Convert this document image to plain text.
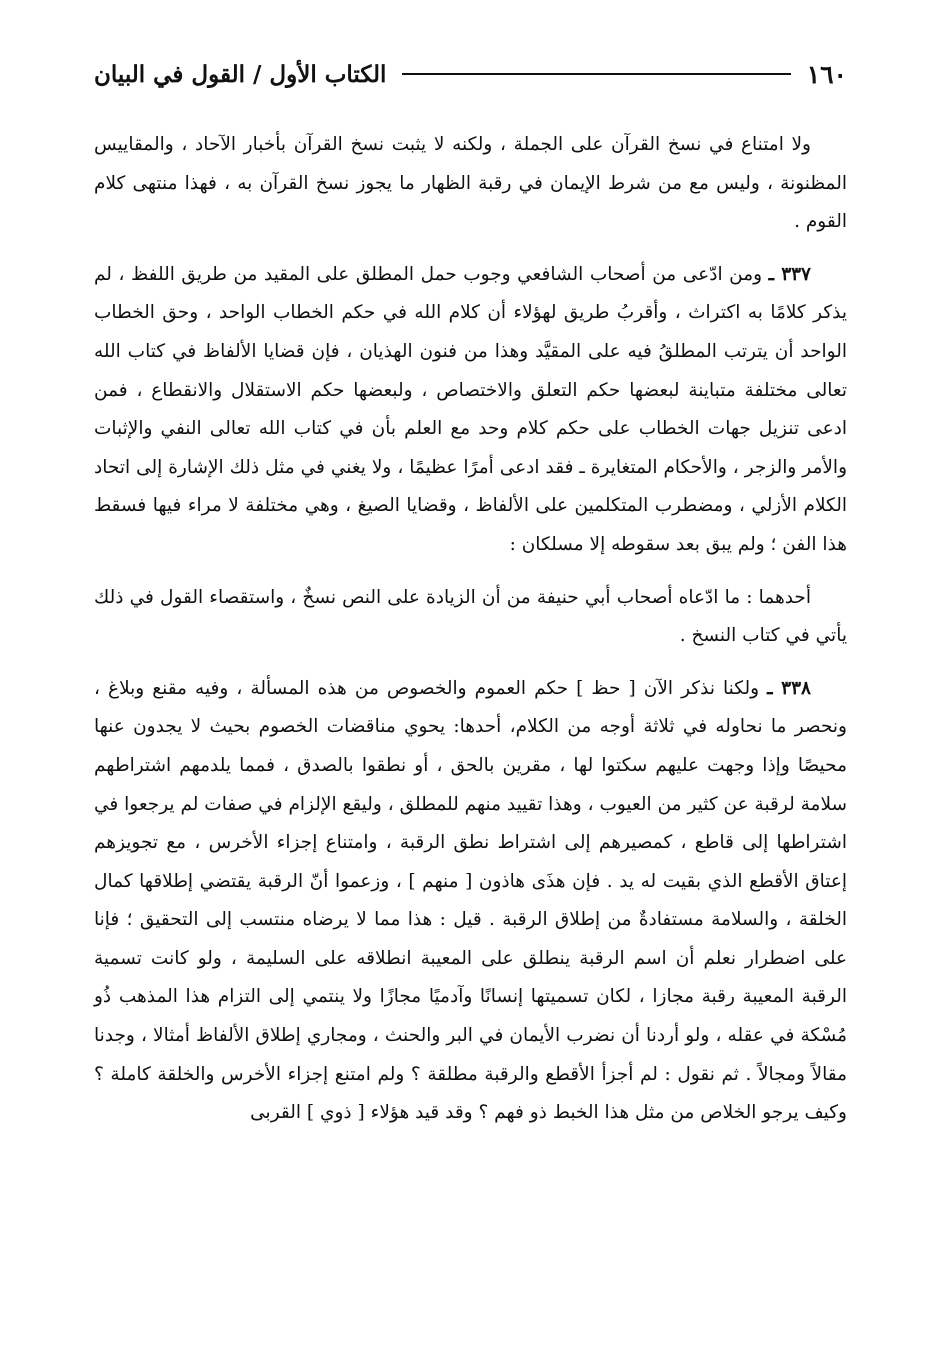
١٦٠
الكتاب الأول / القول في البيان

ولا امتناع في نسخ القرآن على الجملة ، ولكنه لا يثبت نسخ القرآن بأخبار الآحاد ، والمقاييس المظنونة ، وليس مع من شرط الإيمان في رقبة الظهار ما يجوز نسخ القرآن به ، فهذا منتهى كلام القوم .

٣٣٧ ـ ومن ادّعى من أصحاب الشافعي وجوب حمل المطلق على المقيد من طريق اللفظ ، لم يذكر كلامًا به اكتراث ، وأقربُ طريق لهؤلاء أن كلام الله في حكم الخطاب الواحد ، وحق الخطاب الواحد أن يترتب المطلقُ فيه على المقيَّد وهذا من فنون الهذيان ، فإن قضايا الألفاظ في كتاب الله تعالى مختلفة متباينة لبعضها حكم التعلق والاختصاص ، ولبعضها حكم الاستقلال والانقطاع ، فمن ادعى تنزيل جهات الخطاب على حكم كلام وحد مع العلم بأن في كتاب الله تعالى النفي والإثبات والأمر والزجر ، والأحكام المتغايرة ـ فقد ادعى أمرًا عظيمًا ، ولا يغني في مثل ذلك الإشارة إلى اتحاد الكلام الأزلي ، ومضطرب المتكلمين على الألفاظ ، وقضايا الصيغ ، وهي مختلفة لا مراء فيها فسقط هذا الفن ؛ ولم يبق بعد سقوطه إلا مسلكان :

أحدهما : ما ادّعاه أصحاب أبي حنيفة من أن الزيادة على النص نسخٌ ، واستقصاء القول في ذلك يأتي في كتاب النسخ .

٣٣٨ ـ ولكنا نذكر الآن [ حظ ] حكم العموم والخصوص من هذه المسألة ، وفيه مقنع وبلاغ ، ونحصر ما نحاوله في ثلاثة أوجه من الكلام، أحدها: يحوي مناقضات الخصوم بحيث لا يجدون عنها محيصًا وإذا وجهت عليهم سكتوا لها ، مقرين بالحق ، أو نطقوا بالصدق ، فمما يلدمهم اشتراطهم سلامة لرقبة عن كثير من العيوب ، وهذا تقييد منهم للمطلق ، وليقع الإلزام في صفات لم يرجعوا في اشتراطها إلى قاطع ، كمصيرهم إلى اشتراط نطق الرقبة ، وامتناع إجزاء الأخرس ، مع تجويزهم إعتاق الأقطع الذي بقيت له يد . فإن هذَى هاذون [ منهم ] ، وزعموا أنّ الرقبة يقتضي إطلاقها كمال الخلقة ، والسلامة مستفادةٌ من إطلاق الرقبة . قيل : هذا مما لا يرضاه منتسب إلى التحقيق ؛ فإنا على اضطرار نعلم أن اسم الرقبة ينطلق على المعيبة انطلاقه على السليمة ، ولو كانت تسمية الرقبة المعيبة رقبة مجازا ، لكان تسميتها إنسانًا وآدميًا مجازًا ولا ينتمي إلى التزام هذا المذهب ذُو مُسْكة في عقله ، ولو أردنا أن نضرب الأيمان في البر والحنث ، ومجاري إطلاق الألفاظ أمثالا ، وجدنا مقالاً ومجالاً . ثم نقول : لم أجزأ الأقطع والرقبة مطلقة ؟ ولم امتنع إجزاء الأخرس والخلقة كاملة ؟ وكيف يرجو الخلاص من مثل هذا الخبط ذو فهم ؟ وقد قيد هؤلاء [ ذوي ] القربى
